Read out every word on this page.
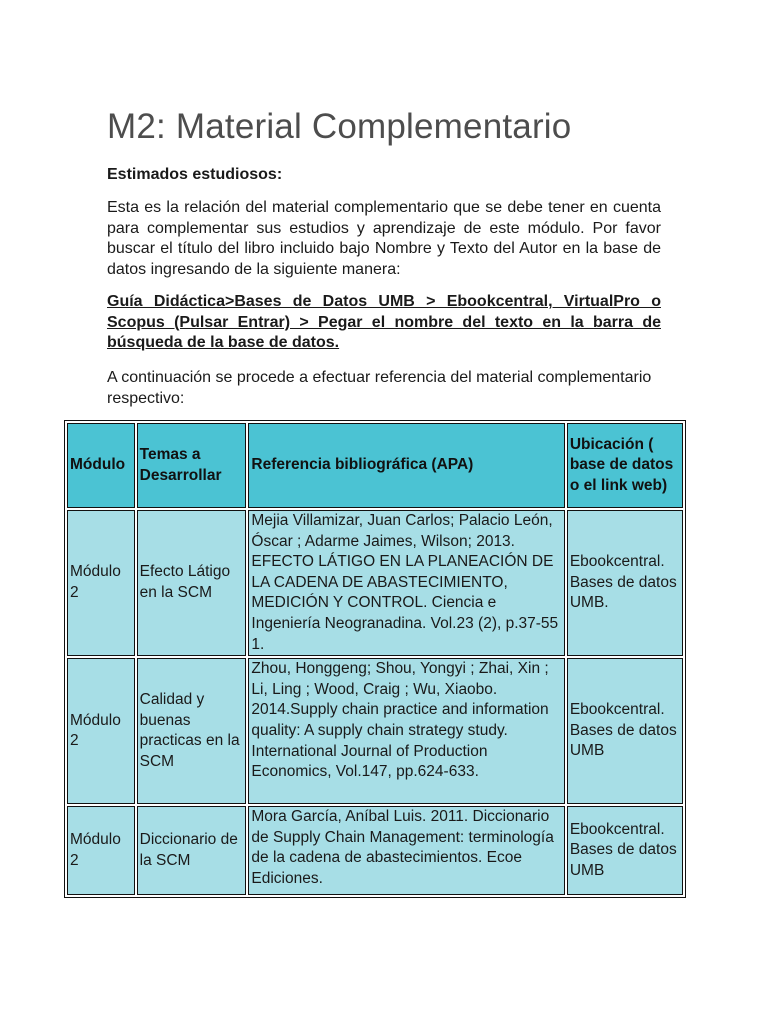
M2: Material Complementario

Estimados estudiosos:

Esta es la relación del material complementario que se debe tener en cuenta para complementar sus estudios y aprendizaje de este módulo. Por favor buscar el título del libro incluido bajo Nombre y Texto del Autor en la base de datos ingresando de la siguiente manera:

Guía Didáctica>Bases de Datos UMB > Ebookcentral, VirtualPro o Scopus (Pulsar Entrar) > Pegar el nombre del texto en la barra de búsqueda de la base de datos.

A continuación se procede a efectuar referencia del material complementario respectivo:

Módulo	Temas a Desarrollar	Referencia bibliográfica (APA)	Ubicación ( base de datos o el link web)
Módulo 2	Efecto Látigo en la SCM	Mejia Villamizar, Juan Carlos; Palacio León, Óscar ; Adarme Jaimes, Wilson; 2013. EFECTO LÁTIGO EN LA PLANEACIÓN DE LA CADENA DE ABASTECIMIENTO, MEDICIÓN Y CONTROL. Ciencia e Ingeniería Neogranadina. Vol.23 (2), p.37-55 1.	Ebookcentral. Bases de datos UMB.
Módulo 2	Calidad y buenas practicas en la SCM	Zhou, Honggeng; Shou, Yongyi ; Zhai, Xin ; Li, Ling ; Wood, Craig ; Wu, Xiaobo. 2014.Supply chain practice and information quality: A supply chain strategy study. International Journal of Production Economics, Vol.147, pp.624-633.	Ebookcentral. Bases de datos UMB
Módulo 2	Diccionario de la SCM	Mora García, Aníbal Luis. 2011. Diccionario de Supply Chain Management: terminología de la cadena de abastecimientos. Ecoe Ediciones.	Ebookcentral. Bases de datos UMB
